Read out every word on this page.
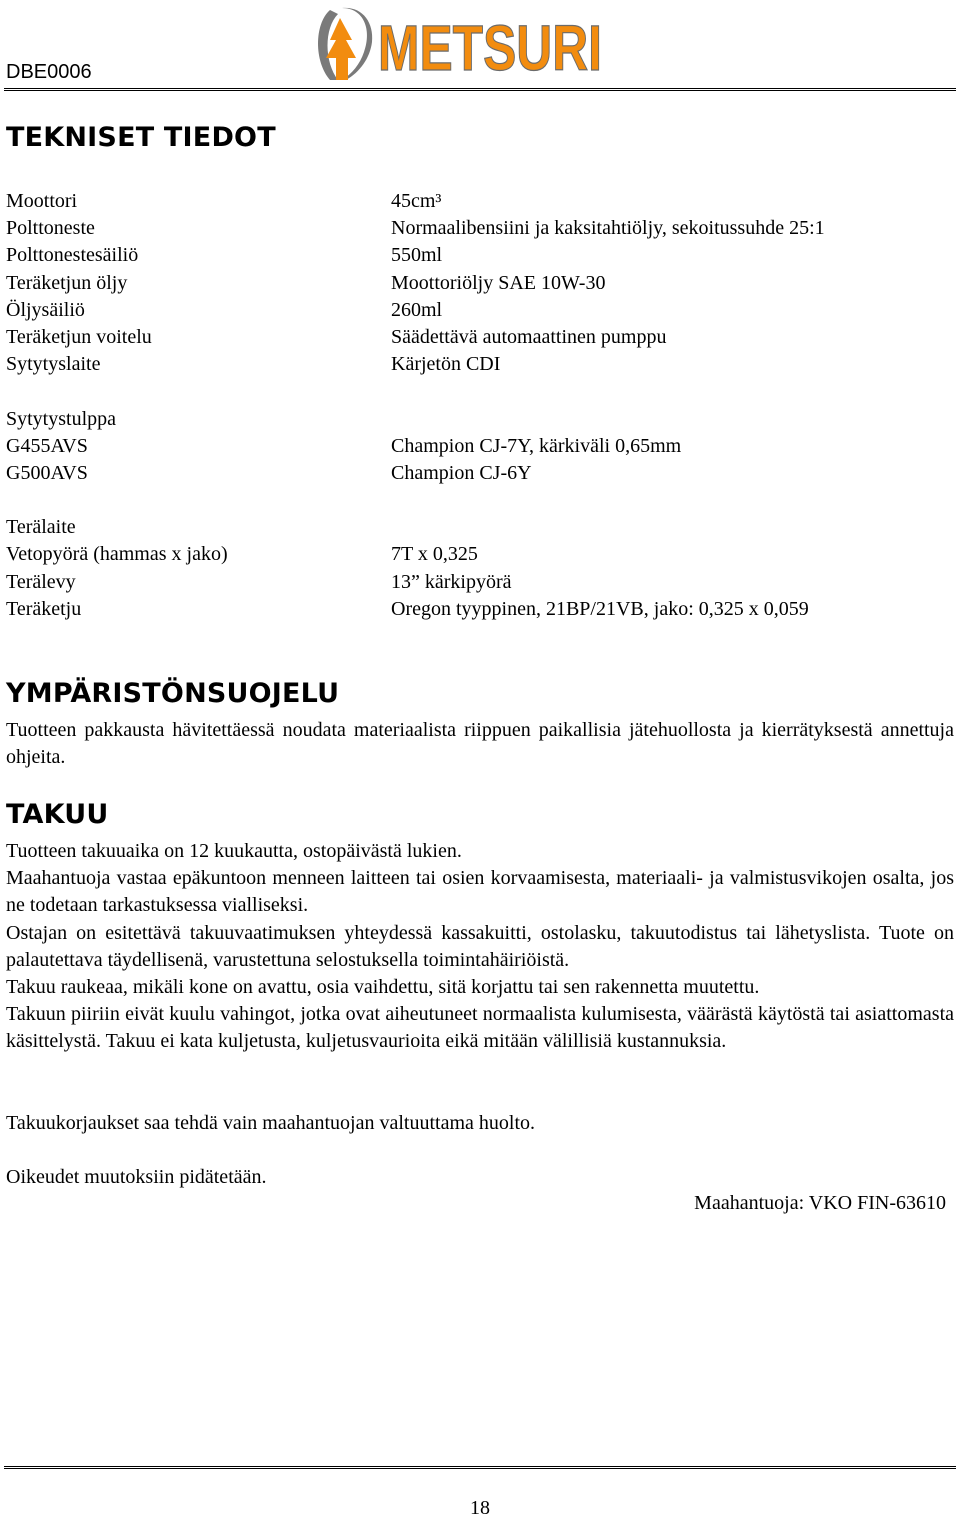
DBE0006	METSURI
TEKNISET TIEDOT
Moottori	45cm³
Polttoneste	Normaalibensiini ja kaksitahtiöljy, sekoitussuhde 25:1
Polttonestesäiliö	550ml
Teräketjun öljy	Moottoriöljy SAE 10W-30
Öljysäiliö	260ml
Teräketjun voitelu	Säädettävä automaattinen pumppu
Sytytyslaite	Kärjetön CDI
Sytytystulppa
G455AVS	Champion CJ-7Y, kärkiväli 0,65mm
G500AVS	Champion CJ-6Y
Terälaite
Vetopyörä (hammas x jako)	7T x 0,325
Terälevy	13” kärkipyörä
Teräketju	Oregon tyyppinen, 21BP/21VB, jako: 0,325 x 0,059
YMPÄRISTÖNSUOJELU

Tuotteen pakkausta hävitettäessä noudata materiaalista riippuen paikallisia jätehuollosta ja kierrätyksestä annettuja ohjeita.

TAKUU

Tuotteen takuuaika on 12 kuukautta, ostopäivästä lukien.

Maahantuoja vastaa epäkuntoon menneen laitteen tai osien korvaamisesta, materiaali- ja valmistusvikojen osalta, jos ne todetaan tarkastuksessa vialliseksi.

Ostajan on esitettävä takuuvaatimuksen yhteydessä kassakuitti, ostolasku, takuutodistus tai lähetyslista. Tuote on palautettava täydellisenä, varustettuna selostuksella toimintahäiriöistä.

Takuu raukeaa, mikäli kone on avattu, osia vaihdettu, sitä korjattu tai sen rakennetta muutettu.

Takuun piiriin eivät kuulu vahingot, jotka ovat aiheutuneet normaalista kulumisesta, väärästä käytöstä tai asiattomasta käsittelystä. Takuu ei kata kuljetusta, kuljetusvaurioita eikä mitään välillisiä kustannuksia.

Takuukorjaukset saa tehdä vain maahantuojan valtuuttama huolto.

Oikeudet muutoksiin pidätetään.

Maahantuoja: VKO FIN-63610
18
